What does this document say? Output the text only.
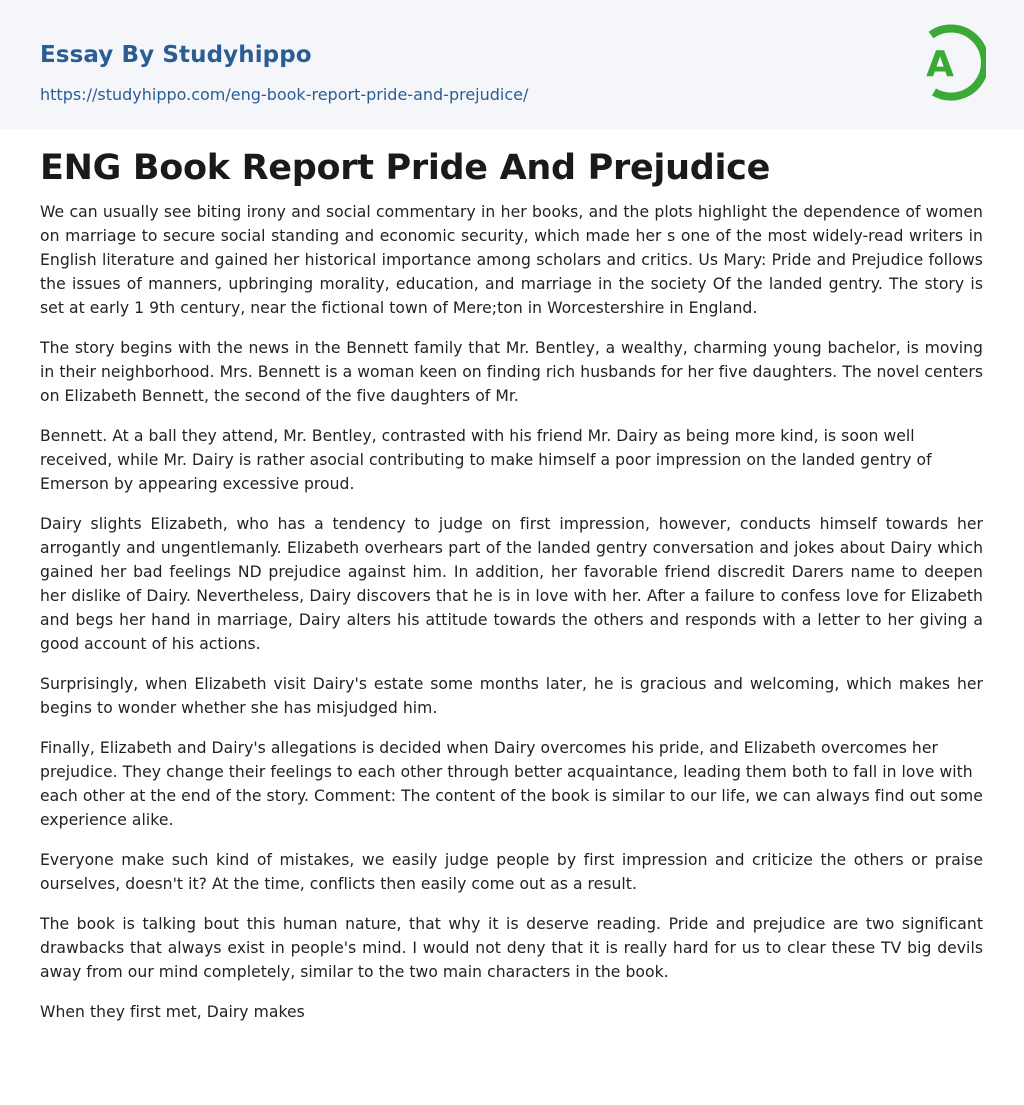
Essay By Studyhippo
https://studyhippo.com/eng-book-report-pride-and-prejudice/
A
ENG Book Report Pride And Prejudice

We can usually see biting irony and social commentary in her books, and the plots highlight the dependence of women on marriage to secure social standing and economic security, which made her s one of the most widely-read writers in English literature and gained her historical importance among scholars and critics. Us Mary: Pride and Prejudice follows the issues of manners, upbringing morality, education, and marriage in the society Of the landed gentry. The story is set at early 1 9th century, near the fictional town of Mere;ton in Worcestershire in England.

The story begins with the news in the Bennett family that Mr. Bentley, a wealthy, charming young bachelor, is moving in their neighborhood. Mrs. Bennett is a woman keen on finding rich husbands for her five daughters. The novel centers on Elizabeth Bennett, the second of the five daughters of Mr.

Bennett. At a ball they attend, Mr. Bentley, contrasted with his friend Mr. Dairy as being more kind, is soon well received, while Mr. Dairy is rather asocial contributing to make himself a poor impression on the landed gentry of Emerson by appearing excessive proud.

Dairy slights Elizabeth, who has a tendency to judge on first impression, however, conducts himself towards her arrogantly and ungentlemanly. Elizabeth overhears part of the landed gentry conversation and jokes about Dairy which gained her bad feelings ND prejudice against him. In addition, her favorable friend discredit Darers name to deepen her dislike of Dairy. Nevertheless, Dairy discovers that he is in love with her. After a failure to confess love for Elizabeth and begs her hand in marriage, Dairy alters his attitude towards the others and responds with a letter to her giving a good account of his actions.

Surprisingly, when Elizabeth visit Dairy's estate some months later, he is gracious and welcoming, which makes her begins to wonder whether she has misjudged him.

Finally, Elizabeth and Dairy's allegations is decided when Dairy overcomes his pride, and Elizabeth overcomes her prejudice. They change their feelings to each other through better acquaintance, leading them both to fall in love with each other at the end of the story. Comment: The content of the book is similar to our life, we can always find out some experience alike.

Everyone make such kind of mistakes, we easily judge people by first impression and criticize the others or praise ourselves, doesn't it? At the time, conflicts then easily come out as a result.

The book is talking bout this human nature, that why it is deserve reading. Pride and prejudice are two significant drawbacks that always exist in people's mind. I would not deny that it is really hard for us to clear these TV big devils away from our mind completely, similar to the two main characters in the book.

When they first met, Dairy makes
